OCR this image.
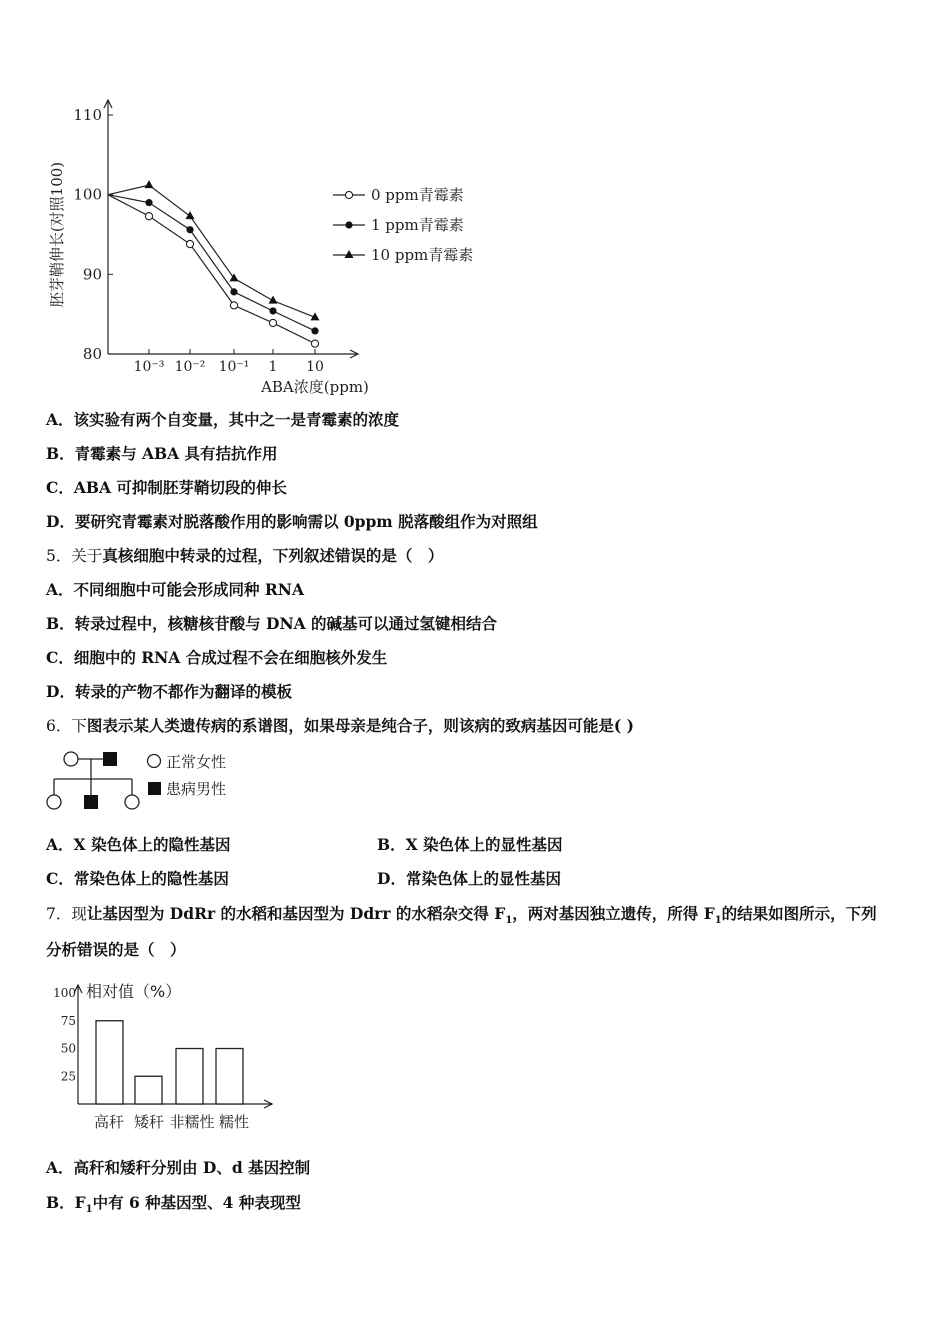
80
90
100
110
10⁻³ 10⁻² 10⁻¹ 1 10
ABA浓度(ppm)
胚芽鞘伸长(对照100)	0 ppm青霉素
1 ppm青霉素
10 ppm青霉素
A．该实验有两个自变量，其中之一是青霉素的浓度
B．青霉素与 ABA 具有拮抗作用
C．ABA 可抑制胚芽鞘切段的伸长
D．要研究青霉素对脱落酸作用的影响需以 0ppm 脱落酸组作为对照组
5．关于真核细胞中转录的过程，下列叙述错误的是（　）
A．不同细胞中可能会形成同种 RNA
B．转录过程中，核糖核苷酸与 DNA 的碱基可以通过氢键相结合
C．细胞中的 RNA 合成过程不会在细胞核外发生
D．转录的产物不都作为翻译的模板
6．下图表示某人类遗传病的系谱图，如果母亲是纯合子，则该病的致病基因可能是( )
正常女性
患病男性
A．X 染色体上的隐性基因	B．X 染色体上的显性基因
C．常染色体上的隐性基因	D．常染色体上的显性基因
7．现让基因型为 DdRr 的水稻和基因型为 Ddrr 的水稻杂交得 $F_1$，两对基因独立遗传，所得 $F_1$的结果如图所示，下列
分析错误的是（　）
100
75
50
25
相对值（%）
高秆 矮秆 非糯性 糯性
A．高秆和矮秆分别由 D、d 基因控制
B．$F_1$中有 6 种基因型、4 种表现型
